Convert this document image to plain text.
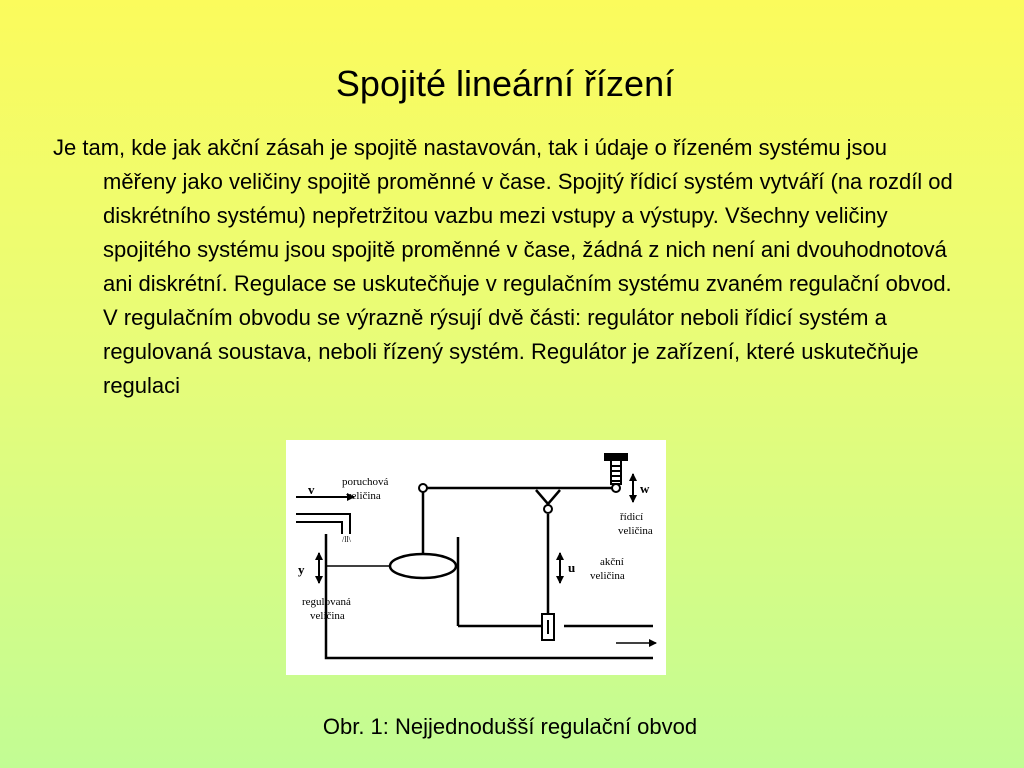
Spojité lineární řízení

Je tam, kde jak akční zásah je spojitě nastavován, tak i údaje o řízeném systému jsou měřeny jako veličiny spojitě proměnné v čase. Spojitý řídicí systém vytváří (na rozdíl od diskrétního systému) nepřetržitou vazbu mezi vstupy a výstupy. Všechny veličiny spojitého systému jsou spojitě proměnné v čase, žádná z nich není ani dvouhodnotová ani diskrétní. Regulace se uskutečňuje v regulačním systému zvaném regulační obvod. V regulačním obvodu se výrazně rýsují dvě části: regulátor neboli řídicí systém a regulovaná soustava, neboli řízený systém. Regulátor je zařízení, které uskutečňuje regulaci

v	poruchová
veličina
/ll\
y
regulovaná
veličina
w
řídicí
veličina
u akční
veličina
Obr. 1: Nejjednodušší regulační obvod
